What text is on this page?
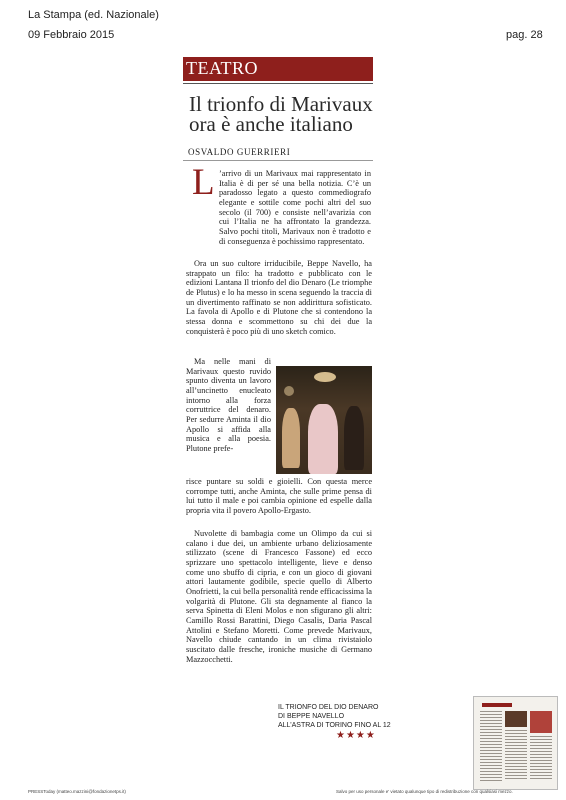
La Stampa (ed. Nazionale)
09 Febbraio 2015	pag. 28
TEATRO
Il trionfo di Marivaux
ora è anche italiano
OSVALDO GUERRIERI
L ’arrivo di un Marivaux mai rappresentato in Italia è di per sé una bella notizia. C’è un paradosso legato a questo commediografo elegante e sottile come pochi altri del suo secolo (il 700) e consiste nell’avarizia con cui l’Italia ne ha affrontato la grandezza. Salvo pochi titoli, Marivaux non è tradotto e di conseguenza è pochissimo rappresentato.
Ora un suo cultore irriducibile, Beppe Navello, ha strappato un filo: ha tradotto e pubblicato con le edizioni Lantana Il trionfo del dio Denaro (Le triomphe de Plutus) e lo ha messo in scena seguendo la traccia di un divertimento raffinato se non addirittura sofisticato. La favola di Apollo e di Plutone che si contendono la stessa donna e scommettono su chi dei due la conquisterà è poco più di uno sketch comico.
Ma nelle mani di Marivaux questo ruvido spunto diventa un lavoro all’uncinetto enucleato intorno alla forza corruttrice del denaro. Per sedurre Aminta il dio Apollo si affida alla musica e alla poesia. Plutone prefe-
risce puntare su soldi e gioielli. Con questa merce corrompe tutti, anche Aminta, che sulle prime pensa di lui tutto il male e poi cambia opinione ed espelle dalla propria vita il povero Apollo-Ergasto.
Nuvolette di bambagia come un Olimpo da cui si calano i due dei, un ambiente urbano deliziosamente stilizzato (scene di Francesco Fassone) ed ecco sprizzare uno spettacolo intelligente, lieve e denso come uno sbuffo di cipria, e con un gioco di giovani attori lautamente godibile, specie quello di Alberto Onofrietti, la cui bella personalità rende efficacissima la volgarità di Plutone. Gli sta degnamente al fianco la serva Spinetta di Eleni Molos e non sfigurano gli altri: Camillo Rossi Barattini, Diego Casalis, Daria Pascal Attolini e Stefano Moretti. Come prevede Marivaux, Navello chiude cantando in un clima rivistaiolo suscitato dalle fresche, ironiche musiche di Germano Mazzocchetti.
IL TRIONFO DEL DIO DENARO
DI BEPPE NAVELLO
ALL’ASTRA DI TORINO FINO AL 12
★★★★
PRESSToday (matteo.mazzini@fondazionetps.it)	Salvo per uso personale e' vietato qualunque tipo di redistribuzione con qualsiasi mezzo.
